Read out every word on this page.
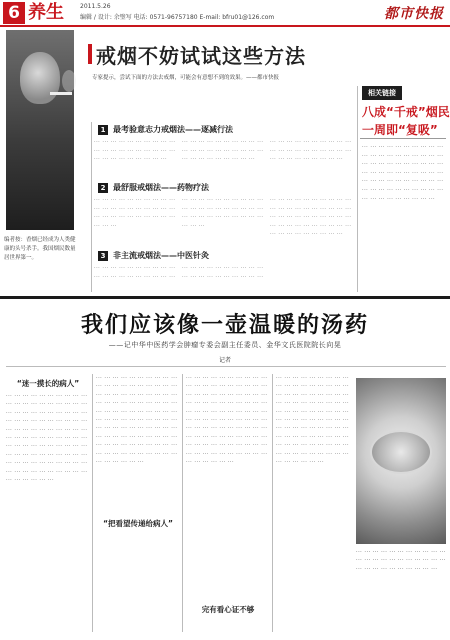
6 养生	2011.5.26
编辑 / 设计: 余璧写 电话: 0571-96757180 E-mail: bfru01@126.com	都市快报
戒烟不妨试试这些方法
专家提示，尝试下面的方法去戒烟，可能会有意想不到的效果。——都市快报
1 最考验意志力戒烟法——逐减行法
··· ··· ··· ··· ··· ··· ··· ··· ··· ··· ··· ··· ··· ··· ··· ··· ··· ··· ··· ··· ··· ··· ··· ··· ··· ··· ··· ··· ···
··· ··· ··· ··· ··· ··· ··· ··· ··· ··· ··· ··· ··· ··· ··· ··· ··· ··· ··· ··· ··· ··· ··· ··· ··· ··· ··· ··· ···
··· ··· ··· ··· ··· ··· ··· ··· ··· ··· ··· ··· ··· ··· ··· ··· ··· ··· ··· ··· ··· ··· ··· ··· ··· ··· ··· ··· ···
2 最舒服戒烟法——药物疗法
··· ··· ··· ··· ··· ··· ··· ··· ··· ··· ··· ··· ··· ··· ··· ··· ··· ··· ··· ··· ··· ··· ··· ··· ··· ··· ··· ··· ··· ··· ··· ··· ···
··· ··· ··· ··· ··· ··· ··· ··· ··· ··· ··· ··· ··· ··· ··· ··· ··· ··· ··· ··· ··· ··· ··· ··· ··· ··· ··· ··· ··· ··· ··· ··· ···
··· ··· ··· ··· ··· ··· ··· ··· ··· ··· ··· ··· ··· ··· ··· ··· ··· ··· ··· ··· ··· ··· ··· ··· ··· ··· ··· ··· ··· ··· ··· ··· ··· ··· ··· ··· ··· ··· ··· ··· ··· ··· ··· ··· ··· ··· ··· ··· ···
3 非主流戒烟法——中医针灸
··· ··· ··· ··· ··· ··· ··· ··· ··· ··· ··· ··· ··· ··· ··· ··· ··· ··· ··· ···
··· ··· ··· ··· ··· ··· ··· ··· ··· ··· ··· ··· ··· ··· ··· ··· ··· ··· ··· ···
编者按：香烟已经成为人类健康的头号杀手。我国烟民数量居世界第一。
相关链接
八成“千戒”烟民
一周即“复吸”
··· ··· ··· ··· ··· ··· ··· ··· ··· ··· ··· ··· ··· ··· ··· ··· ··· ··· ··· ··· ··· ··· ··· ··· ··· ··· ··· ··· ··· ··· ··· ··· ··· ··· ··· ··· ··· ··· ··· ··· ··· ··· ··· ··· ··· ··· ··· ··· ··· ··· ··· ··· ··· ··· ··· ··· ··· ··· ··· ··· ··· ··· ··· ··· ··· ··· ··· ··· ···
我们应该像一壶温暖的汤药
——记中华中医药学会肿瘤专委会副主任委员、金华文氏医院院长向晃
记者
“迷一摸长的病人”
··· ··· ··· ··· ··· ··· ··· ··· ··· ··· ··· ··· ··· ··· ··· ··· ··· ··· ··· ··· ··· ··· ··· ··· ··· ··· ··· ··· ··· ··· ··· ··· ··· ··· ··· ··· ··· ··· ··· ··· ··· ··· ··· ··· ··· ··· ··· ··· ··· ··· ··· ··· ··· ··· ··· ··· ··· ··· ··· ··· ··· ··· ··· ··· ··· ··· ··· ··· ··· ··· ··· ··· ··· ··· ··· ··· ··· ··· ··· ··· ··· ··· ··· ··· ··· ··· ··· ··· ··· ··· ··· ··· ··· ··· ··· ··· ··· ··· ··· ··· ··· ··· ··· ··· ··· ···
··· ··· ··· ··· ··· ··· ··· ··· ··· ··· ··· ··· ··· ··· ··· ··· ··· ··· ··· ··· ··· ··· ··· ··· ··· ··· ··· ··· ··· ··· ··· ··· ··· ··· ··· ··· ··· ··· ··· ··· ··· ··· ··· ··· ··· ··· ··· ··· ··· ··· ··· ··· ··· ··· ··· ··· ··· ··· ··· ··· ··· ··· ··· ··· ··· ··· ··· ··· ··· ··· ··· ··· ··· ··· ··· ··· ··· ··· ··· ··· ··· ··· ··· ··· ··· ··· ··· ··· ··· ··· ··· ··· ··· ··· ··· ··· ··· ··· ··· ··· ··· ··· ··· ··· ··· ···
“把看望传递给病人”
··· ··· ··· ··· ··· ··· ··· ··· ··· ··· ··· ··· ··· ··· ··· ··· ··· ··· ··· ··· ··· ··· ··· ··· ··· ··· ··· ··· ··· ··· ··· ··· ··· ··· ··· ··· ··· ··· ··· ··· ··· ··· ··· ··· ··· ··· ··· ··· ··· ··· ··· ··· ··· ··· ··· ··· ··· ··· ··· ··· ··· ··· ··· ··· ··· ··· ··· ··· ··· ··· ··· ··· ··· ··· ··· ··· ··· ··· ··· ··· ··· ··· ··· ··· ··· ··· ··· ··· ··· ··· ··· ··· ··· ··· ··· ··· ··· ··· ··· ··· ··· ··· ··· ··· ··· ···
完有看心证不够
··· ··· ··· ··· ··· ··· ··· ··· ··· ··· ··· ··· ··· ··· ··· ··· ··· ··· ··· ··· ··· ··· ··· ··· ··· ··· ··· ··· ··· ··· ··· ··· ··· ··· ··· ··· ··· ··· ··· ··· ··· ··· ··· ··· ··· ··· ··· ··· ··· ··· ··· ··· ··· ··· ··· ··· ··· ··· ··· ··· ··· ··· ··· ··· ··· ··· ··· ··· ··· ··· ··· ··· ··· ··· ··· ··· ··· ··· ··· ··· ··· ··· ··· ··· ··· ··· ··· ··· ··· ··· ··· ··· ··· ··· ··· ···
··· ··· ··· ··· ··· ··· ··· ··· ··· ··· ··· ··· ··· ··· ··· ··· ··· ··· ··· ··· ··· ··· ··· ··· ··· ··· ··· ··· ··· ··· ··· ···
